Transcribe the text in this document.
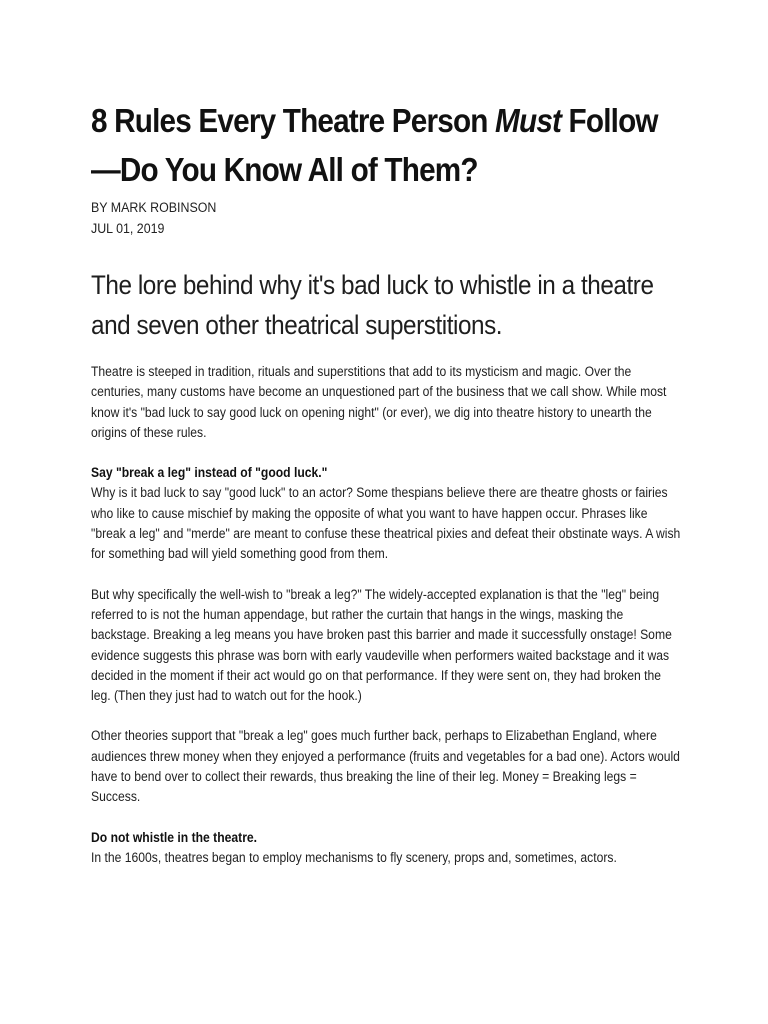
8 Rules Every Theatre Person Must Follow—Do You Know All of Them?
BY MARK ROBINSON
JUL 01, 2019
The lore behind why it's bad luck to whistle in a theatre and seven other theatrical superstitions.

Theatre is steeped in tradition, rituals and superstitions that add to its mysticism and magic. Over the centuries, many customs have become an unquestioned part of the business that we call show. While most know it's "bad luck to say good luck on opening night" (or ever), we dig into theatre history to unearth the origins of these rules.

Say "break a leg" instead of "good luck."

Why is it bad luck to say "good luck" to an actor? Some thespians believe there are theatre ghosts or fairies who like to cause mischief by making the opposite of what you want to have happen occur. Phrases like "break a leg" and "merde" are meant to confuse these theatrical pixies and defeat their obstinate ways. A wish for something bad will yield something good from them.

But why specifically the well-wish to "break a leg?" The widely-accepted explanation is that the "leg" being referred to is not the human appendage, but rather the curtain that hangs in the wings, masking the backstage. Breaking a leg means you have broken past this barrier and made it successfully onstage! Some evidence suggests this phrase was born with early vaudeville when performers waited backstage and it was decided in the moment if their act would go on that performance. If they were sent on, they had broken the leg. (Then they just had to watch out for the hook.)

Other theories support that "break a leg" goes much further back, perhaps to Elizabethan England, where audiences threw money when they enjoyed a performance (fruits and vegetables for a bad one). Actors would have to bend over to collect their rewards, thus breaking the line of their leg. Money = Breaking legs = Success.

Do not whistle in the theatre.

In the 1600s, theatres began to employ mechanisms to fly scenery, props and, sometimes, actors.
